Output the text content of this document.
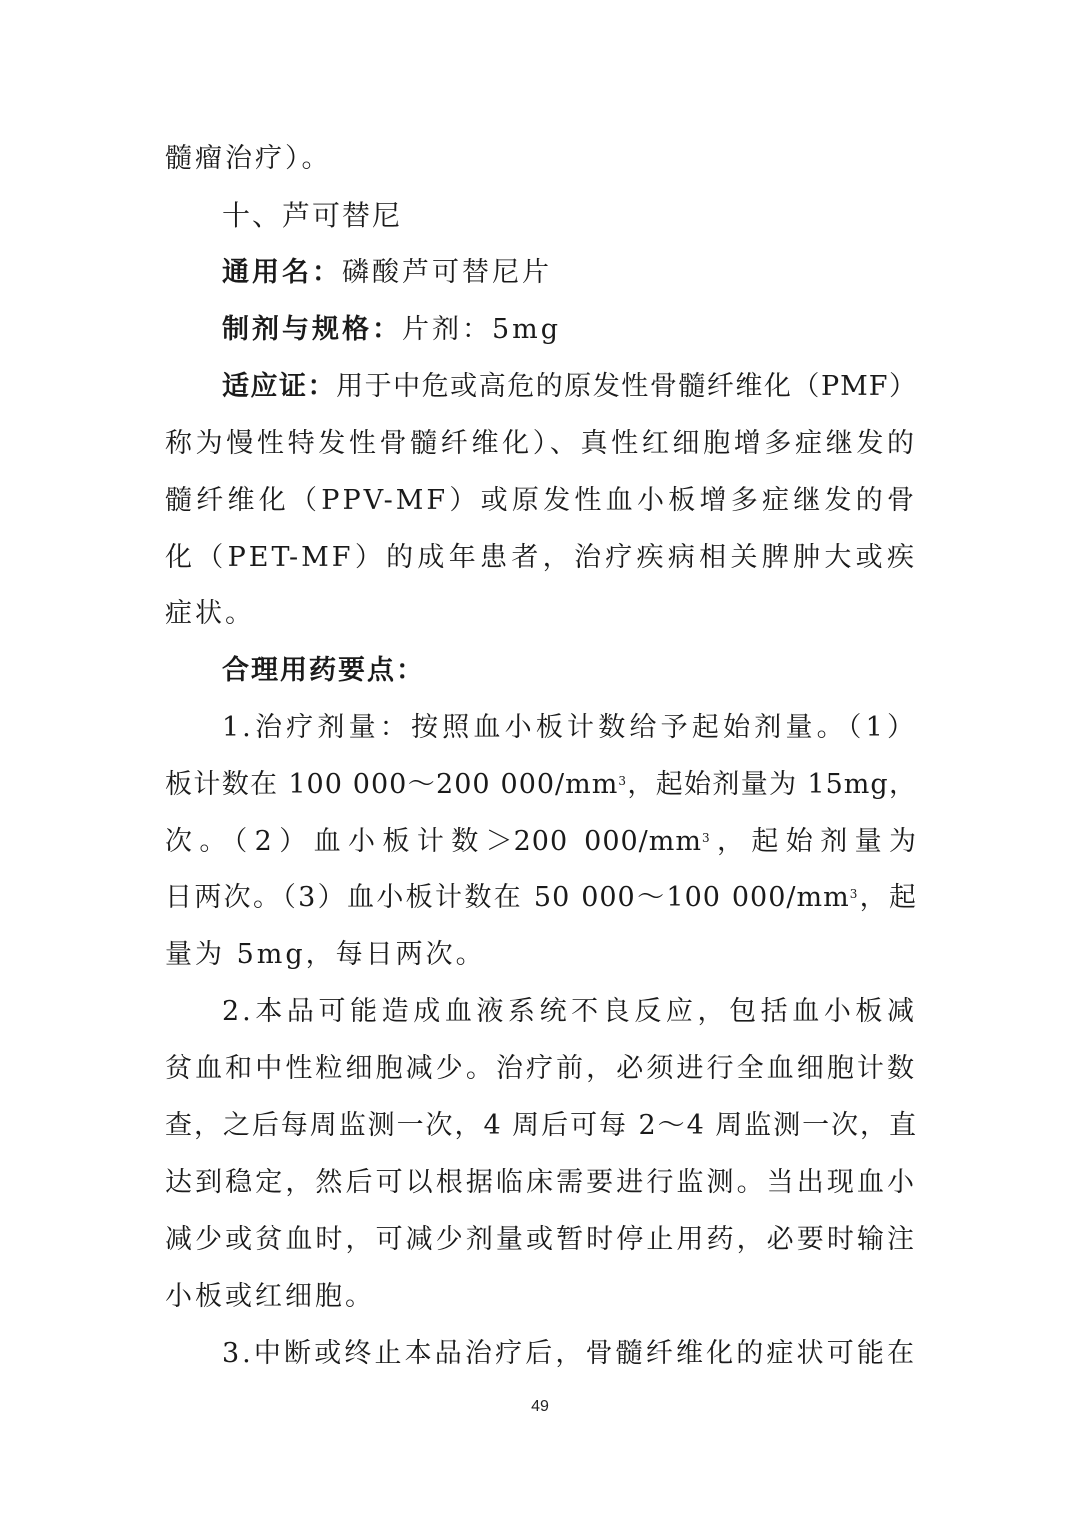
髓瘤治疗）。
十、芦可替尼
通用名：磷酸芦可替尼片
制剂与规格：片剂：5mg
适应证：用于中危或高危的原发性骨髓纤维化（PMF）
称为慢性特发性骨髓纤维化）、真性红细胞增多症继发的
髓纤维化（PPV-MF）或原发性血小板增多症继发的骨
化（PET-MF）的成年患者，治疗疾病相关脾肿大或疾
症状。
合理用药要点：
1.治疗剂量：按照血小板计数给予起始剂量。（1）
板计数在 100 000～200 $000/mm^3$，起始剂量为 15mg，
次。（2）血小板计数＞200 $000/mm^3$，起始剂量为
日两次。（3）血小板计数在 50 000～100 $000/mm^3$，起
量为 5mg，每日两次。
2.本品可能造成血液系统不良反应，包括血小板减
贫血和中性粒细胞减少。治疗前，必须进行全血细胞计数
查，之后每周监测一次，4 周后可每 2～4 周监测一次，直
达到稳定，然后可以根据临床需要进行监测。当出现血小
减少或贫血时，可减少剂量或暂时停止用药，必要时输注
小板或红细胞。
3.中断或终止本品治疗后，骨髓纤维化的症状可能在
49
